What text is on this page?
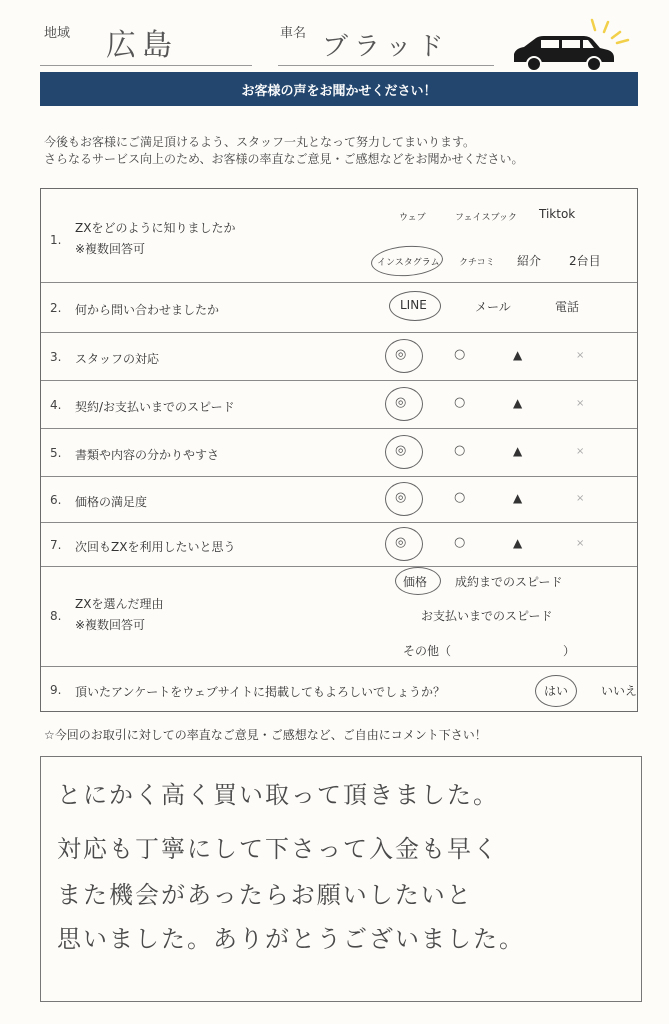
地域 広島	車名 ブラッド
お客様の声をお聞かせください！
今後もお客様にご満足頂けるよう、スタッフ一丸となって努力してまいります。
さらなるサービス向上のため、お客様の率直なご意見・ご感想などをお聞かせください。
1.
ZXをどのように知りましたか
※複数回答可
ウェブ	フェイスブック Tiktok
インスタグラム クチコミ 紹介 2台目
2. 何から問い合わせましたか	LINE	メール	電話
3. スタッフの対応	◎	○	▲	×
4. 契約/お支払いまでのスピード	◎	○	▲	×
5. 書類や内容の分かりやすさ	◎	○	▲	×
6. 価格の満足度	◎	○	▲	×
7. 次回もZXを利用したいと思う	◎	○	▲	×
8.
ZXを選んだ理由
※複数回答可
価格 成約までのスピード
お支払いまでのスピード
その他（	）
9. 頂いたアンケートをウェブサイトに掲載してもよろしいでしょうか？	はい	いいえ
☆今回のお取引に対しての率直なご意見・ご感想など、ご自由にコメント下さい！
とにかく高く買い取って頂きました。
対応も丁寧にして下さって入金も早く
また機会があったらお願いしたいと
思いました。ありがとうございました。
